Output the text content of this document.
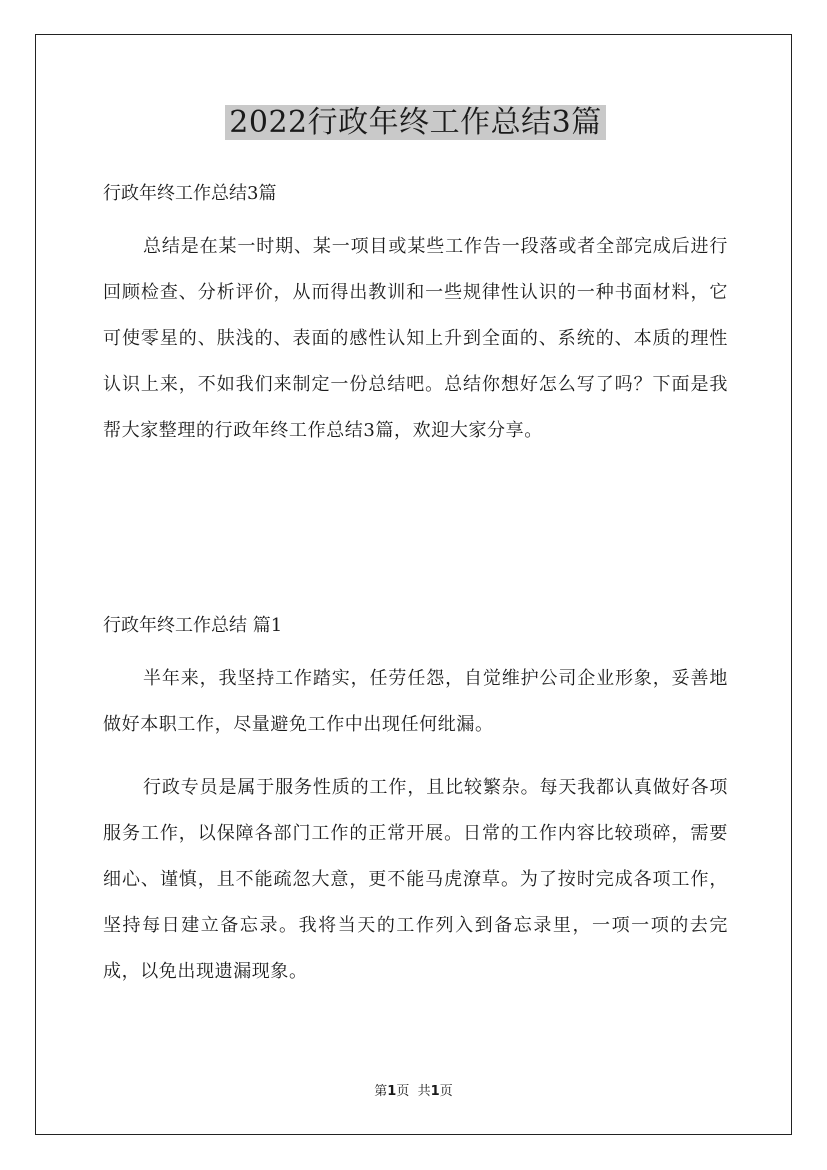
2022行政年终工作总结3篇

行政年终工作总结3篇

总结是在某一时期、某一项目或某些工作告一段落或者全部完成后进行回顾检查、分析评价，从而得出教训和一些规律性认识的一种书面材料，它可使零星的、肤浅的、表面的感性认知上升到全面的、系统的、本质的理性认识上来，不如我们来制定一份总结吧。总结你想好怎么写了吗？下面是我帮大家整理的行政年终工作总结3篇，欢迎大家分享。

行政年终工作总结 篇1

半年来，我坚持工作踏实，任劳任怨，自觉维护公司企业形象，妥善地做好本职工作，尽量避免工作中出现任何纰漏。

行政专员是属于服务性质的工作，且比较繁杂。每天我都认真做好各项服务工作，以保障各部门工作的正常开展。日常的工作内容比较琐碎，需要细心、谨慎，且不能疏忽大意，更不能马虎潦草。为了按时完成各项工作，坚持每日建立备忘录。我将当天的工作列入到备忘录里，一项一项的去完成，以免出现遗漏现象。

第1页 共1页
